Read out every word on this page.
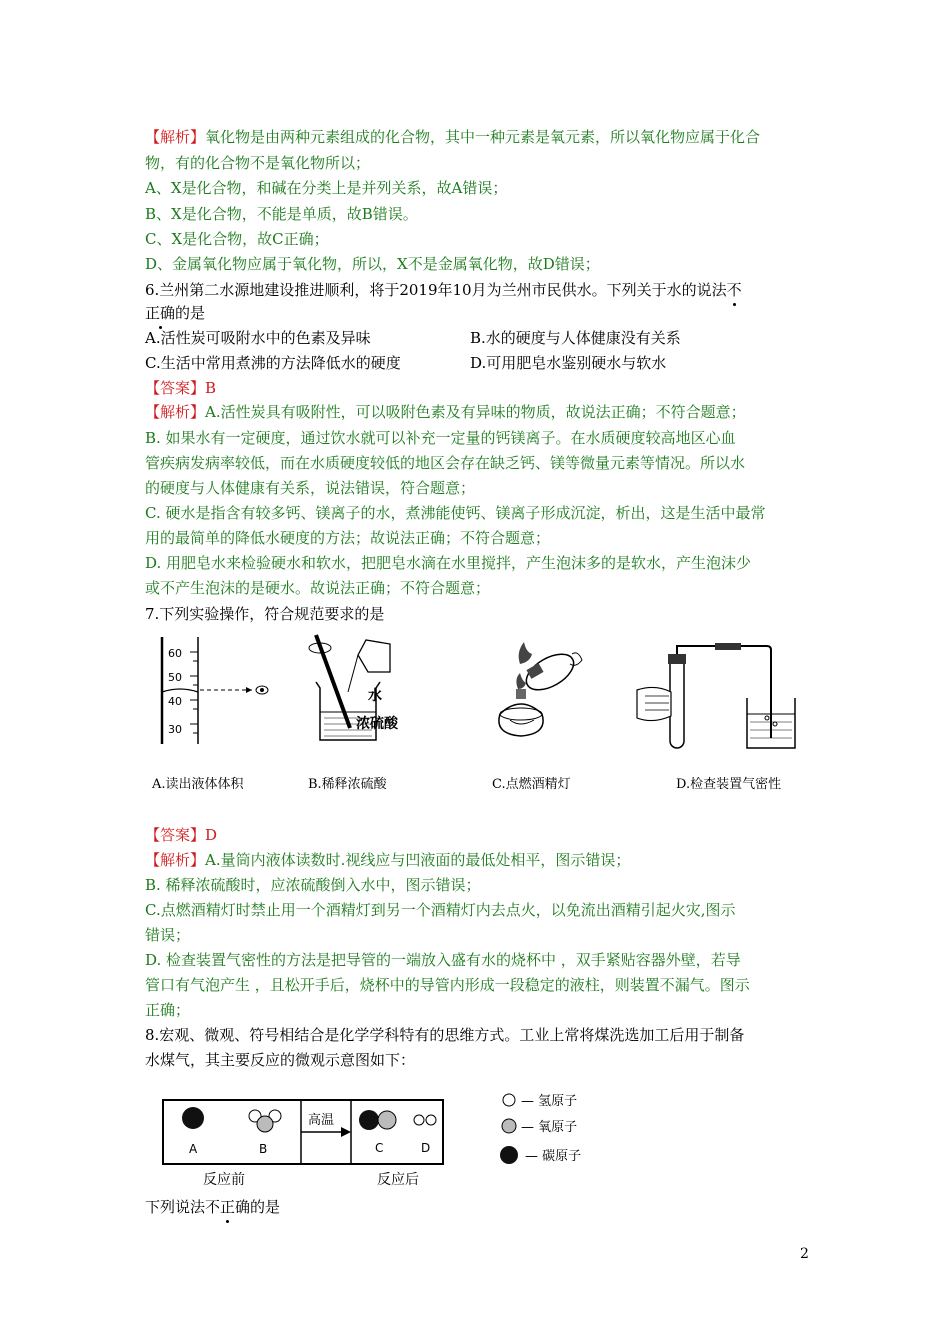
【解析】氧化物是由两种元素组成的化合物，其中一种元素是氧元素，所以氧化物应属于化合
物，有的化合物不是氧化物所以；
A、X是化合物，和碱在分类上是并列关系，故A错误；
B、X是化合物，不能是单质，故B错误。
C、X是化合物，故C正确；
D、金属氧化物应属于氧化物，所以，X不是金属氧化物，故D错误；
6.兰州第二水源地建设推进顺利，将于2019年10月为兰州市民供水。下列关于水的说法不
正确的是
A.活性炭可吸附水中的色素及异味	B.水的硬度与人体健康没有关系
C.生活中常用煮沸的方法降低水的硬度	D.可用肥皂水鉴别硬水与软水
【答案】B
【解析】A.活性炭具有吸附性，可以吸附色素及有异味的物质，故说法正确；不符合题意；
B. 如果水有一定硬度，通过饮水就可以补充一定量的钙镁离子。在水质硬度较高地区心血
管疾病发病率较低，而在水质硬度较低的地区会存在缺乏钙、镁等微量元素等情况。所以水
的硬度与人体健康有关系，说法错误，符合题意；
C. 硬水是指含有较多钙、镁离子的水，煮沸能使钙、镁离子形成沉淀，析出，这是生活中最常
用的最简单的降低水硬度的方法；故说法正确；不符合题意；
D. 用肥皂水来检验硬水和软水，把肥皂水滴在水里搅拌，产生泡沫多的是软水，产生泡沫少
或不产生泡沫的是硬水。故说法正确；不符合题意；
7.下列实验操作，符合规范要求的是
60
50
40
30
水
浓硫酸
A.读出液体体积	B.稀释浓硫酸	C.点燃酒精灯	D.检查装置气密性
【答案】D
【解析】A.量筒内液体读数时.视线应与凹液面的最低处相平，图示错误；
B. 稀释浓硫酸时，应浓硫酸倒入水中，图示错误；
C.点燃酒精灯时禁止用一个酒精灯到另一个酒精灯内去点火，以免流出酒精引起火灾,图示
错误；
D. 检查装置气密性的方法是把导管的一端放入盛有水的烧杯中 ，双手紧贴容器外壁，若导
管口有气泡产生 ，且松开手后，烧杯中的导管内形成一段稳定的液柱，则装置不漏气。图示
正确；
8.宏观、微观、符号相结合是化学学科特有的思维方式。工业上常将煤洗选加工后用于制备
水煤气，其主要反应的微观示意图如下：
高温
A	B	C	D
反应前	反应后
— 氢原子
— 氧原子
— 碳原子
下列说法不正确的是
2
